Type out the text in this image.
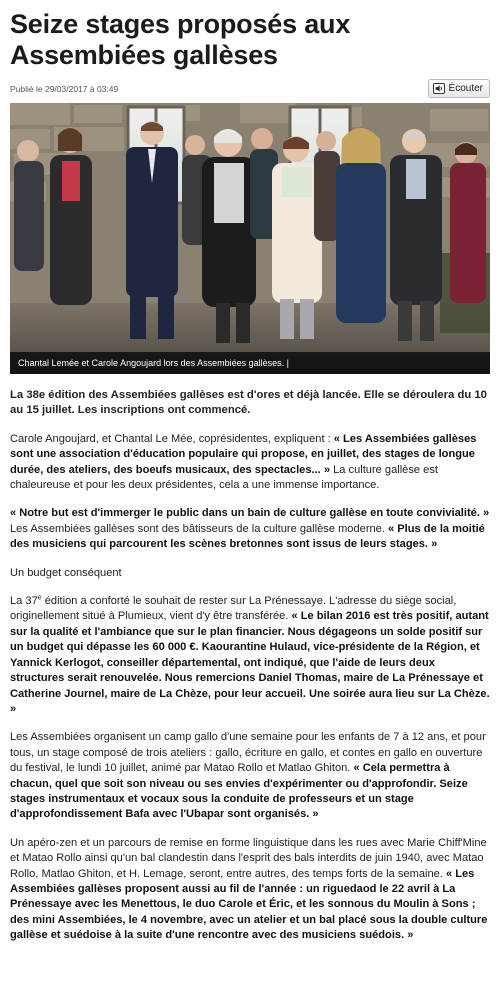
Seize stages proposés aux Assembiées gallèses
Publié le 29/03/2017 à 03:49	Écouter
Chantal Lemée et Carole Angoujard lors des Assembiées gallèses. |

La 38e édition des Assembiées gallèses est d'ores et déjà lancée. Elle se déroulera du 10 au 15 juillet. Les inscriptions ont commencé.

Carole Angoujard, et Chantal Le Mée, coprésidentes, expliquent : « Les Assembiées gallèses sont une association d'éducation populaire qui propose, en juillet, des stages de longue durée, des ateliers, des boeufs musicaux, des spectacles... » La culture gallèse est chaleureuse et pour les deux présidentes, cela a une immense importance.

« Notre but est d'immerger le public dans un bain de culture gallèse en toute convivialité. » Les Assembiées gallèses sont des bâtisseurs de la culture gallèse moderne. « Plus de la moitié des musiciens qui parcourent les scènes bretonnes sont issus de leurs stages. »

Un budget conséquent

La 37e édition a conforté le souhait de rester sur La Prénessaye. L'adresse du siège social, originellement situé à Plumieux, vient d'y être transférée. « Le bilan 2016 est très positif, autant sur la qualité et l'ambiance que sur le plan financier. Nous dégageons un solde positif sur un budget qui dépasse les 60 000 €. Kaourantine Hulaud, vice-présidente de la Région, et Yannick Kerlogot, conseiller départemental, ont indiqué, que l'aide de leurs deux structures serait renouvelée. Nous remercions Daniel Thomas, maire de La Prénessaye et Catherine Journel, maire de La Chèze, pour leur accueil. Une soirée aura lieu sur La Chèze. »

Les Assembiées organisent un camp gallo d'une semaine pour les enfants de 7 à 12 ans, et pour tous, un stage composé de trois ateliers : gallo, écriture en gallo, et contes en gallo en ouverture du festival, le lundi 10 juillet, animé par Matao Rollo et Matlao Ghiton. « Cela permettra à chacun, quel que soit son niveau ou ses envies d'expérimenter ou d'approfondir. Seize stages instrumentaux et vocaux sous la conduite de professeurs et un stage d'approfondissement Bafa avec l'Ubapar sont organisés. »

Un apéro-zen et un parcours de remise en forme linguistique dans les rues avec Marie Chiff'Mine et Matao Rollo ainsi qu'un bal clandestin dans l'esprit des bals interdits de juin 1940, avec Matao Rollo, Matlao Ghiton, et H. Lemage, seront, entre autres, des temps forts de la semaine. « Les Assembiées gallèses proposent aussi au fil de l'année : un riguedaod le 22 avril à La Prénessaye avec les Menettous, le duo Carole et Éric, et les sonnous du Moulin à Sons ; des mini Assembiées, le 4 novembre, avec un atelier et un bal placé sous la double culture gallèse et suédoise à la suite d'une rencontre avec des musiciens suédois. »
